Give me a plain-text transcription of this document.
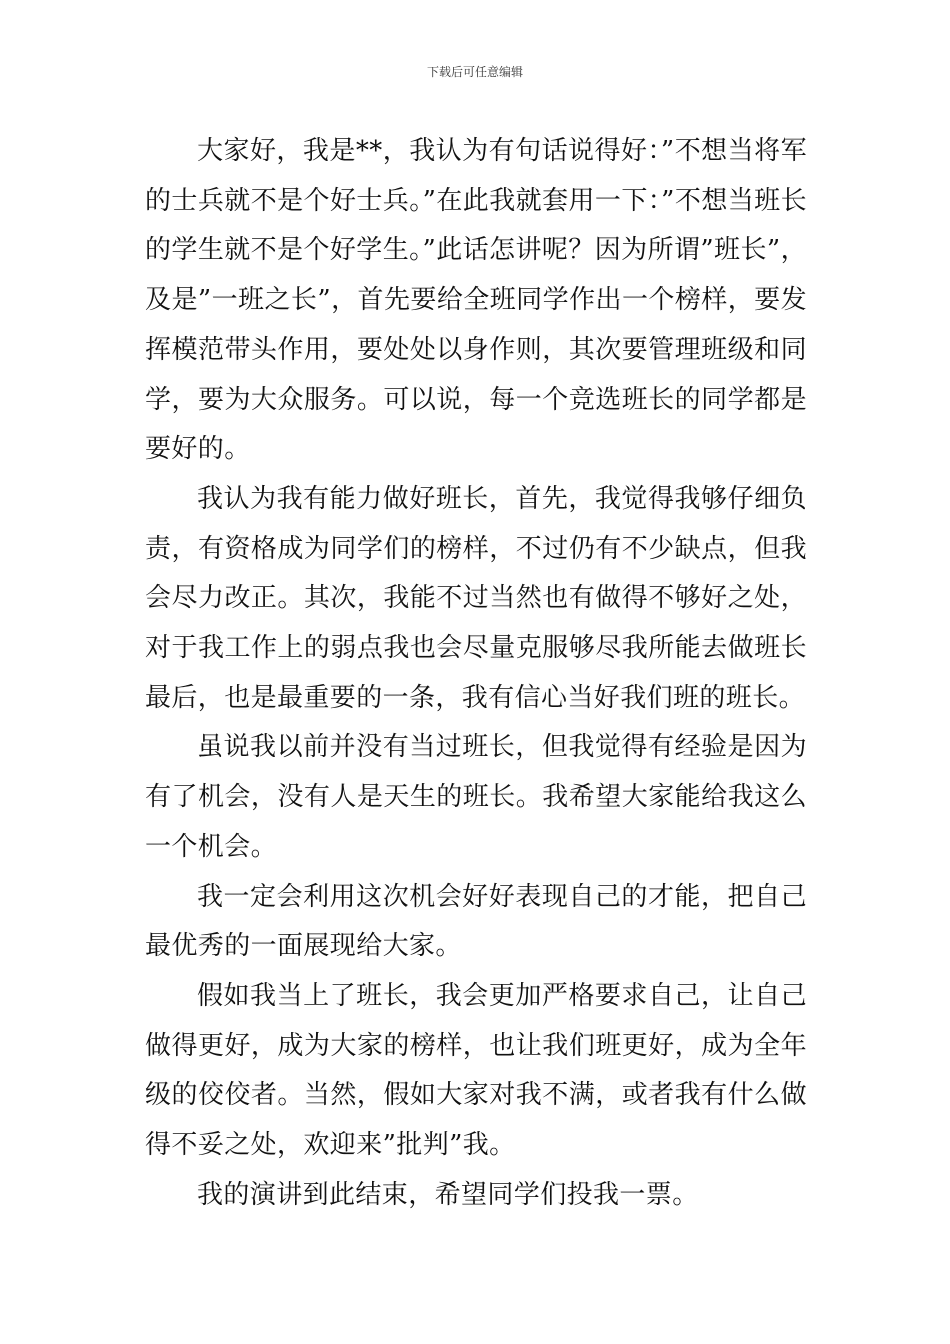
下载后可任意编辑

大家好，我是**，我认为有句话说得好：”不想当将军的士兵就不是个好士兵。”在此我就套用一下：”不想当班长的学生就不是个好学生。”此话怎讲呢？因为所谓”班长”，及是”一班之长”，首先要给全班同学作出一个榜样，要发挥模范带头作用，要处处以身作则，其次要管理班级和同学，要为大众服务。可以说，每一个竞选班长的同学都是要好的。

我认为我有能力做好班长，首先，我觉得我够仔细负责，有资格成为同学们的榜样，不过仍有不少缺点，但我会尽力改正。其次，我能不过当然也有做得不够好之处，对于我工作上的弱点我也会尽量克服够尽我所能去做班长最后，也是最重要的一条，我有信心当好我们班的班长。

虽说我以前并没有当过班长，但我觉得有经验是因为有了机会，没有人是天生的班长。我希望大家能给我这么一个机会。

我一定会利用这次机会好好表现自己的才能，把自己最优秀的一面展现给大家。

假如我当上了班长，我会更加严格要求自己，让自己做得更好，成为大家的榜样，也让我们班更好，成为全年级的佼佼者。当然，假如大家对我不满，或者我有什么做得不妥之处，欢迎来”批判”我。

我的演讲到此结束，希望同学们投我一票。
